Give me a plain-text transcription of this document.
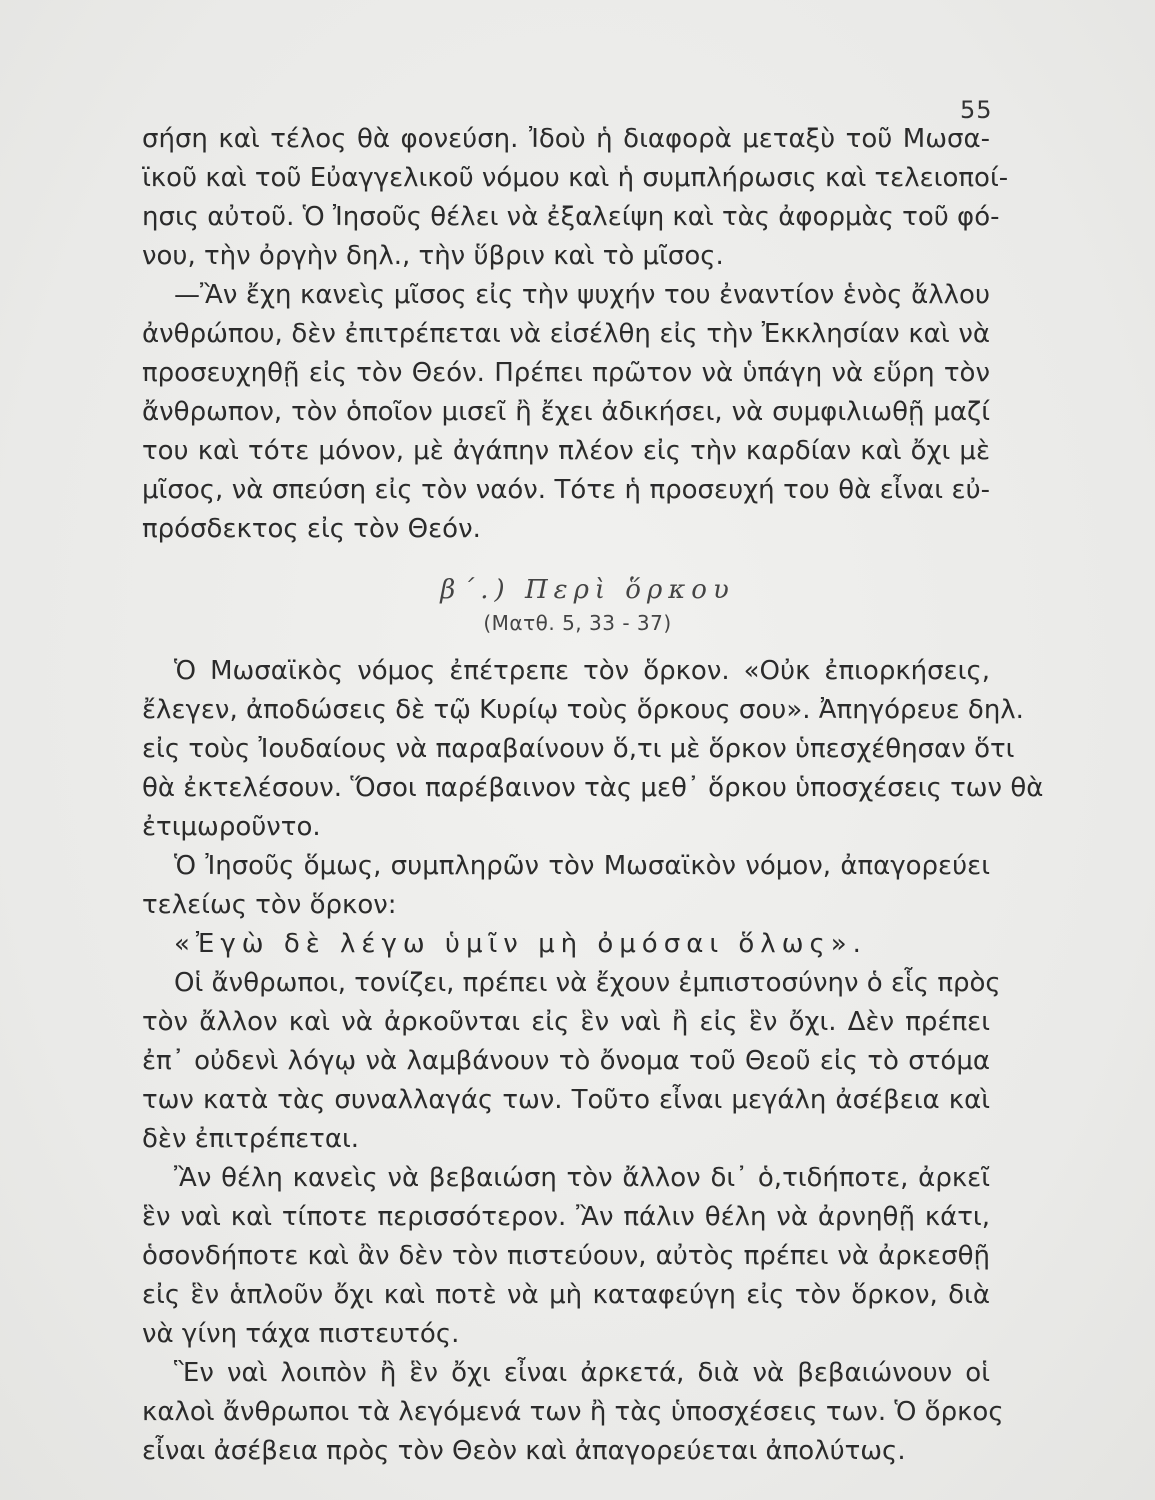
55
σήση καὶ τέλος θὰ φονεύση. Ἰδοὺ ἡ διαφορὰ μεταξὺ τοῦ Μωσα-
ϊκοῦ καὶ τοῦ Εὐαγγελικοῦ νόμου καὶ ἡ συμπλήρωσις καὶ τελειοποί-
ησις αὐτοῦ. Ὁ Ἰησοῦς θέλει νὰ ἐξαλείψη καὶ τὰς ἀφορμὰς τοῦ φό-
νου, τὴν ὀργὴν δηλ., τὴν ὕβριν καὶ τὸ μῖσος.
—Ἂν ἔχη κανεὶς μῖσος εἰς τὴν ψυχήν του ἐναντίον ἑνὸς ἄλλου
ἀνθρώπου, δὲν ἐπιτρέπεται νὰ εἰσέλθη εἰς τὴν Ἐκκλησίαν καὶ νὰ
προσευχηθῇ εἰς τὸν Θεόν. Πρέπει πρῶτον νὰ ὑπάγη νὰ εὕρη τὸν
ἄνθρωπον, τὸν ὁποῖον μισεῖ ἢ ἔχει ἀδικήσει, νὰ συμφιλιωθῇ μαζί
του καὶ τότε μόνον, μὲ ἀγάπην πλέον εἰς τὴν καρδίαν καὶ ὄχι μὲ
μῖσος, νὰ σπεύση εἰς τὸν ναόν. Τότε ἡ προσευχή του θὰ εἶναι εὐ-
πρόσδεκτος εἰς τὸν Θεόν.
β΄.) Περὶ ὅρκου
(Ματθ. 5, 33 - 37)
Ὁ Μωσαϊκὸς νόμος ἐπέτρεπε τὸν ὅρκον. «Οὐκ ἐπιορκήσεις,
ἔλεγεν, ἀποδώσεις δὲ τῷ Κυρίῳ τοὺς ὅρκους σου». Ἀπηγόρευε δηλ.
εἰς τοὺς Ἰουδαίους νὰ παραβαίνουν ὅ,τι μὲ ὅρκον ὑπεσχέθησαν ὅτι
θὰ ἐκτελέσουν. Ὅσοι παρέβαινον τὰς μεθ᾽ ὅρκου ὑποσχέσεις των θὰ
ἐτιμωροῦντο.
Ὁ Ἰησοῦς ὅμως, συμπληρῶν τὸν Μωσαϊκὸν νόμον, ἀπαγορεύει
τελείως τὸν ὅρκον:
«Ἐγὼ δὲ λέγω ὑμῖν μὴ ὀμόσαι ὅλως».
Οἱ ἄνθρωποι, τονίζει, πρέπει νὰ ἔχουν ἐμπιστοσύνην ὁ εἷς πρὸς
τὸν ἄλλον καὶ νὰ ἀρκοῦνται εἰς ἓν ναὶ ἢ εἰς ἓν ὄχι. Δὲν πρέπει
ἐπ᾽ οὐδενὶ λόγῳ νὰ λαμβάνουν τὸ ὄνομα τοῦ Θεοῦ εἰς τὸ στόμα
των κατὰ τὰς συναλλαγάς των. Τοῦτο εἶναι μεγάλη ἀσέβεια καὶ
δὲν ἐπιτρέπεται.
Ἂν θέλη κανεὶς νὰ βεβαιώση τὸν ἄλλον δι᾽ ὁ,τιδήποτε, ἀρκεῖ
ἓν ναὶ καὶ τίποτε περισσότερον. Ἂν πάλιν θέλη νὰ ἀρνηθῇ κάτι,
ὁσονδήποτε καὶ ἂν δὲν τὸν πιστεύουν, αὐτὸς πρέπει νὰ ἀρκεσθῇ
εἰς ἓν ἁπλοῦν ὄχι καὶ ποτὲ νὰ μὴ καταφεύγη εἰς τὸν ὅρκον, διὰ
νὰ γίνη τάχα πιστευτός.
Ἓν ναὶ λοιπὸν ἢ ἓν ὄχι εἶναι ἀρκετά, διὰ νὰ βεβαιώνουν οἱ
καλοὶ ἄνθρωποι τὰ λεγόμενά των ἢ τὰς ὑποσχέσεις των. Ὁ ὅρκος
εἶναι ἀσέβεια πρὸς τὸν Θεὸν καὶ ἀπαγορεύεται ἀπολύτως.
